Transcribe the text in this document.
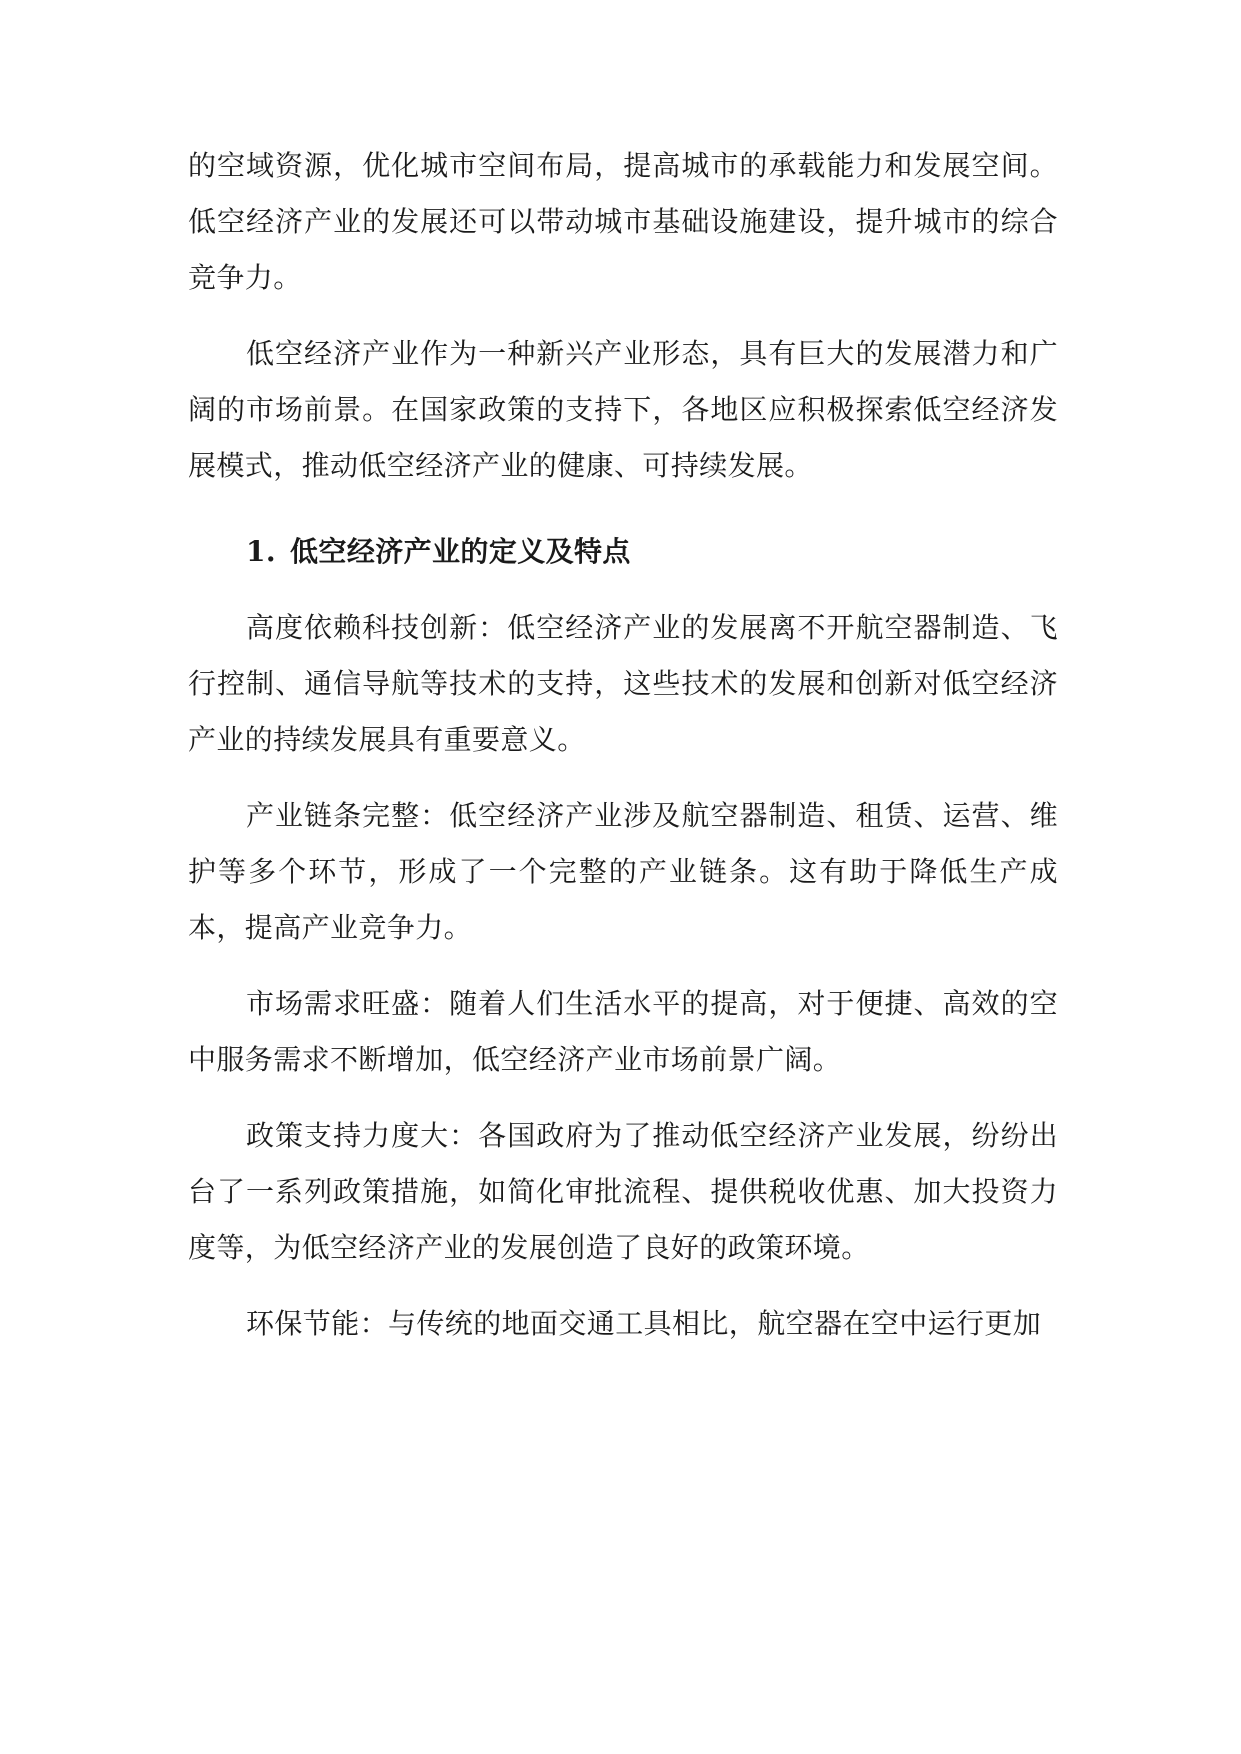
的空域资源，优化城市空间布局，提高城市的承载能力和发展空间。低空经济产业的发展还可以带动城市基础设施建设，提升城市的综合竞争力。

低空经济产业作为一种新兴产业形态，具有巨大的发展潜力和广阔的市场前景。在国家政策的支持下，各地区应积极探索低空经济发展模式，推动低空经济产业的健康、可持续发展。

1. 低空经济产业的定义及特点

高度依赖科技创新：低空经济产业的发展离不开航空器制造、飞行控制、通信导航等技术的支持，这些技术的发展和创新对低空经济产业的持续发展具有重要意义。

产业链条完整：低空经济产业涉及航空器制造、租赁、运营、维护等多个环节，形成了一个完整的产业链条。这有助于降低生产成本，提高产业竞争力。

市场需求旺盛：随着人们生活水平的提高，对于便捷、高效的空中服务需求不断增加，低空经济产业市场前景广阔。

政策支持力度大：各国政府为了推动低空经济产业发展，纷纷出台了一系列政策措施，如简化审批流程、提供税收优惠、加大投资力度等，为低空经济产业的发展创造了良好的政策环境。

环保节能：与传统的地面交通工具相比，航空器在空中运行更加
